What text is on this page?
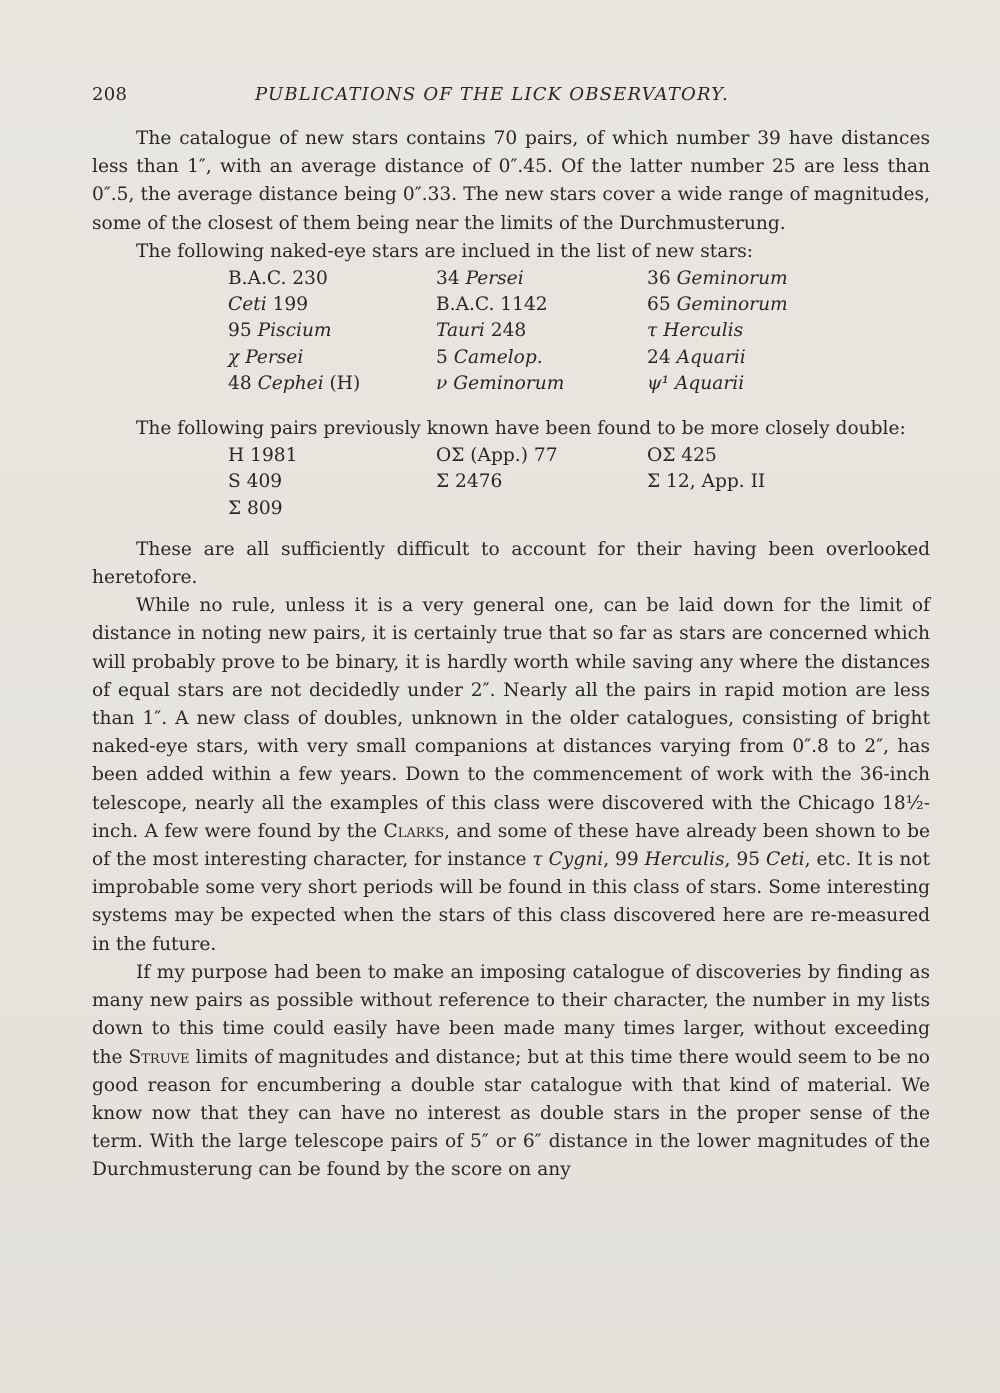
208	PUBLICATIONS OF THE LICK OBSERVATORY.

The catalogue of new stars contains 70 pairs, of which number 39 have distances less than 1″, with an average distance of 0″.45. Of the latter number 25 are less than 0″.5, the average distance being 0″.33. The new stars cover a wide range of magnitudes, some of the closest of them being near the limits of the Durchmusterung.

The following naked-eye stars are inclued in the list of new stars:

B.A.C. 230	34 Persei	36 Geminorum
Ceti 199	B.A.C. 1142	65 Geminorum
95 Piscium	Tauri 248	τ Herculis
χ Persei	5 Camelop.	24 Aquarii
48 Cephei (H)	ν Geminorum	ψ¹ Aquarii

The following pairs previously known have been found to be more closely double:

H 1981	OΣ (App.) 77	OΣ 425
S 409	Σ 2476	Σ 12, App. II
Σ 809

These are all sufficiently difficult to account for their having been overlooked heretofore.

While no rule, unless it is a very general one, can be laid down for the limit of distance in noting new pairs, it is certainly true that so far as stars are concerned which will probably prove to be binary, it is hardly worth while saving any where the distances of equal stars are not decidedly under 2″. Nearly all the pairs in rapid motion are less than 1″. A new class of doubles, unknown in the older catalogues, consisting of bright naked-eye stars, with very small companions at distances varying from 0″.8 to 2″, has been added within a few years. Down to the commencement of work with the 36-inch telescope, nearly all the examples of this class were discovered with the Chicago 18½-inch. A few were found by the Clarks, and some of these have already been shown to be of the most interesting character, for instance τ Cygni, 99 Herculis, 95 Ceti, etc. It is not improbable some very short periods will be found in this class of stars. Some interesting systems may be expected when the stars of this class discovered here are re-measured in the future.

If my purpose had been to make an imposing catalogue of discoveries by finding as many new pairs as possible without reference to their character, the number in my lists down to this time could easily have been made many times larger, without exceeding the Struve limits of magnitudes and distance; but at this time there would seem to be no good reason for encumbering a double star catalogue with that kind of material. We know now that they can have no interest as double stars in the proper sense of the term. With the large telescope pairs of 5″ or 6″ distance in the lower magnitudes of the Durchmusterung can be found by the score on any
